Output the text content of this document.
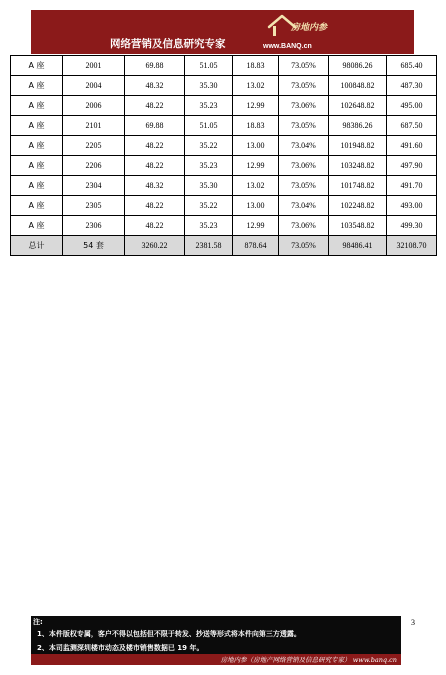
房地内参
www.BANQ.cn
网络营销及信息研究专家
A 座	2001	69.88	51.05	18.83	73.05%	98086.26	685.40
A 座	2004	48.32	35.30	13.02	73.05%	100848.82	487.30
A 座	2006	48.22	35.23	12.99	73.06%	102648.82	495.00
A 座	2101	69.88	51.05	18.83	73.05%	98386.26	687.50
A 座	2205	48.22	35.22	13.00	73.04%	101948.82	491.60
A 座	2206	48.22	35.23	12.99	73.06%	103248.82	497.90
A 座	2304	48.32	35.30	13.02	73.05%	101748.82	491.70
A 座	2305	48.22	35.22	13.00	73.04%	102248.82	493.00
A 座	2306	48.22	35.23	12.99	73.06%	103548.82	499.30
总计	54 套	3260.22	2381.58	878.64	73.05%	98486.41	32108.70
3
注:
1、本件版权专属，客户不得以包括但不限于转发、抄送等形式将本件向第三方透露。
2、本司监测深圳楼市动态及楼市销售数据已 19 年。
房地内参（房地产网络营销及信息研究专家） www.banq.cn
